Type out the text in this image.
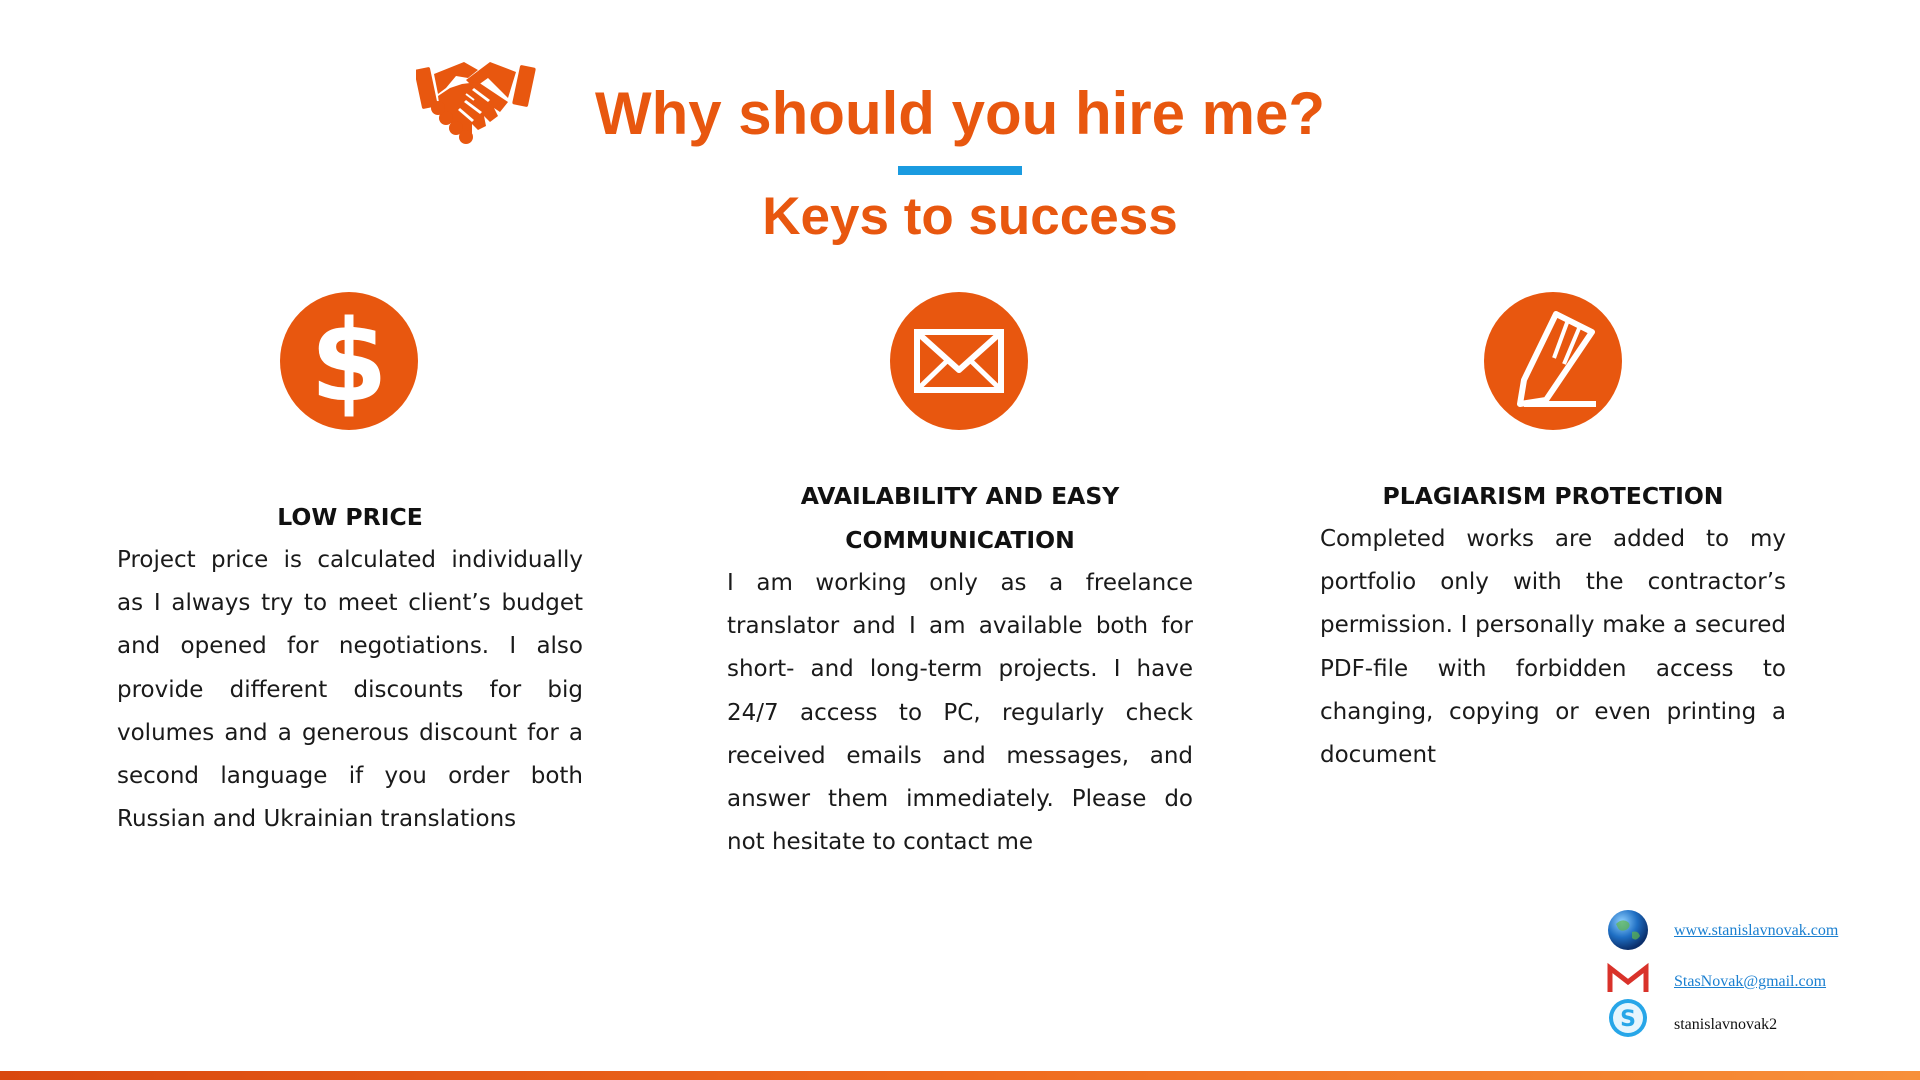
Why should you hire me?
Keys to success
$
LOW PRICE

Project price is calculated individually as I always try to meet client’s budget and opened for negotiations. I also provide different discounts for big volumes and a generous discount for a second language if you order both Russian and Ukrainian translations

AVAILABILITY AND EASY COMMUNICATION

I am working only as a freelance translator and I am available both for short- and long-term projects. I have 24/7 access to PC, regularly check received emails and messages, and answer them immediately. Please do not hesitate to contact me

PLAGIARISM PROTECTION

Completed works are added to my portfolio only with the contractor’s permission. I personally make a secured PDF-file with forbidden access to changing, copying or even printing a document

www.stanislavnovak.com
StasNovak@gmail.com
S stanislavnovak2
